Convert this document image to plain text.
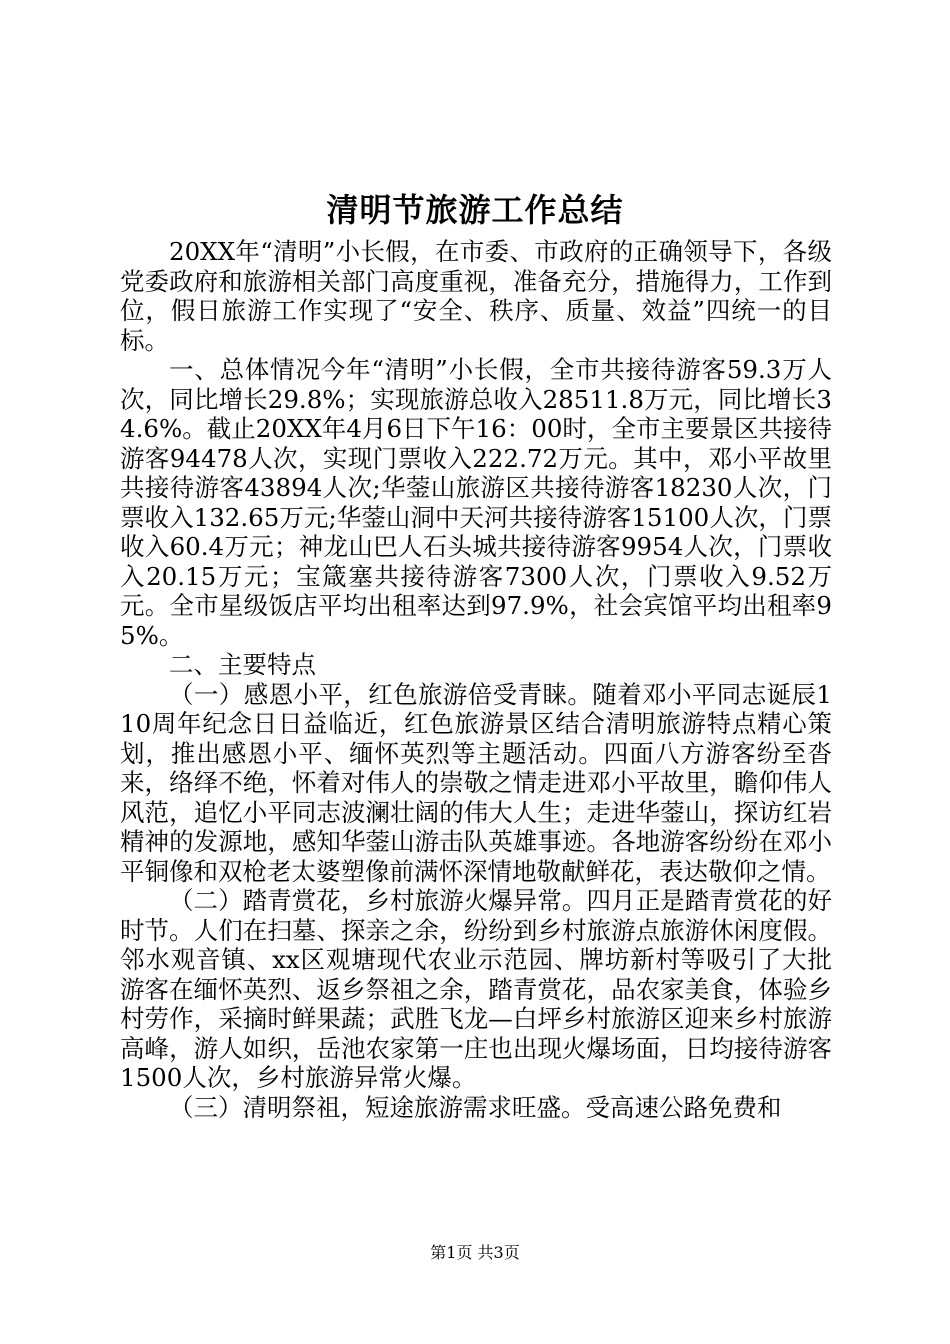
清明节旅游工作总结

20XX年“清明”小长假，在市委、市政府的正确领导下，各级党委政府和旅游相关部门高度重视，准备充分，措施得力，工作到位，假日旅游工作实现了“安全、秩序、质量、效益”四统一的目标。

一、总体情况今年“清明”小长假，全市共接待游客59.3万人次，同比增长29.8%；实现旅游总收入28511.8万元，同比增长34.6%。截止20XX年4月6日下午16：00时，全市主要景区共接待游客94478人次，实现门票收入222.72万元。其中，邓小平故里共接待游客43894人次;华蓥山旅游区共接待游客18230人次，门票收入132.65万元;华蓥山洞中天河共接待游客15100人次，门票收入60.4万元；神龙山巴人石头城共接待游客9954人次，门票收入20.15万元；宝箴塞共接待游客7300人次，门票收入9.52万元。全市星级饭店平均出租率达到97.9%，社会宾馆平均出租率95%。

二、主要特点

（一）感恩小平，红色旅游倍受青睐。随着邓小平同志诞辰110周年纪念日日益临近，红色旅游景区结合清明旅游特点精心策划，推出感恩小平、缅怀英烈等主题活动。四面八方游客纷至沓来，络绎不绝，怀着对伟人的崇敬之情走进邓小平故里，瞻仰伟人风范，追忆小平同志波澜壮阔的伟大人生；走进华蓥山，探访红岩精神的发源地，感知华蓥山游击队英雄事迹。各地游客纷纷在邓小平铜像和双枪老太婆塑像前满怀深情地敬献鲜花，表达敬仰之情。

（二）踏青赏花，乡村旅游火爆异常。四月正是踏青赏花的好时节。人们在扫墓、探亲之余，纷纷到乡村旅游点旅游休闲度假。邻水观音镇、xx区观塘现代农业示范园、牌坊新村等吸引了大批游客在缅怀英烈、返乡祭祖之余，踏青赏花，品农家美食，体验乡村劳作，采摘时鲜果蔬；武胜飞龙—白坪乡村旅游区迎来乡村旅游高峰，游人如织，岳池农家第一庄也出现火爆场面，日均接待游客1500人次，乡村旅游异常火爆。

（三）清明祭祖，短途旅游需求旺盛。受高速公路免费和

第1页 共3页
